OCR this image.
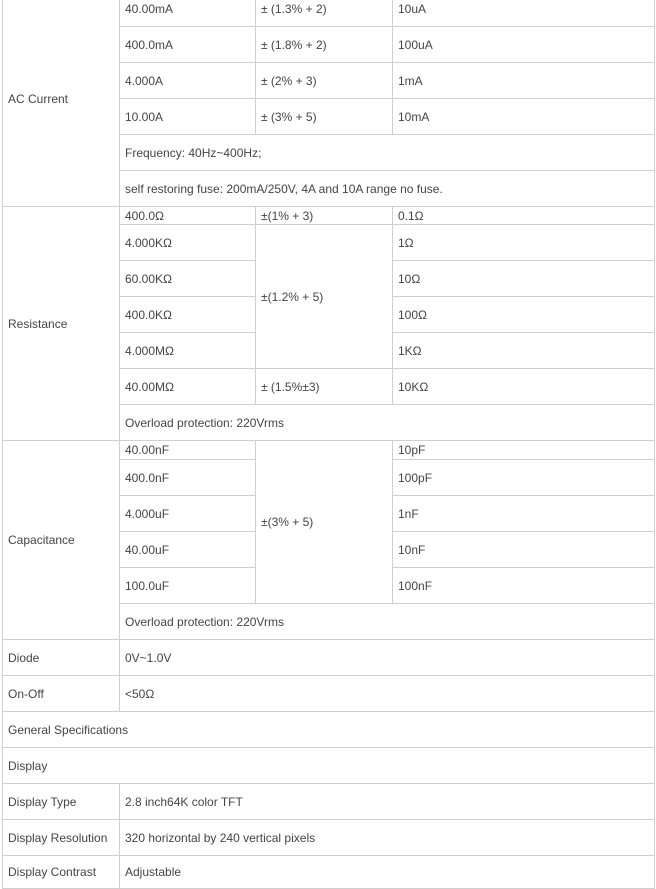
AC Current	40.00mA	± (1.3% + 2)	10uA
	400.0mA	± (1.8% + 2)	100uA
	4.000A	± (2% + 3)	1mA
	10.00A	± (3% + 5)	10mA
	Frequency: 40Hz~400Hz;		
	self restoring fuse: 200mA/250V, 4A and 10A range no fuse.		
Resistance	400.0Ω	±(1% + 3)	0.1Ω
	4.000KΩ	±(1.2% + 5)	1Ω
	60.00KΩ		10Ω
	400.0KΩ		100Ω
	4.000MΩ		1KΩ
	40.00MΩ	± (1.5%±3)	10KΩ
	Overload protection: 220Vrms		
Capacitance	40.00nF	±(3% + 5)	10pF
	400.0nF		100pF
	4.000uF		1nF
	40.00uF		10nF
	100.0uF		100nF
	Overload protection: 220Vrms		
Diode	0V~1.0V		
On-Off	<50Ω		
General Specifications			
Display			
Display Type	2.8 inch64K color TFT		
Display Resolution	320 horizontal by 240 vertical pixels		
Display Contrast	Adjustable		
